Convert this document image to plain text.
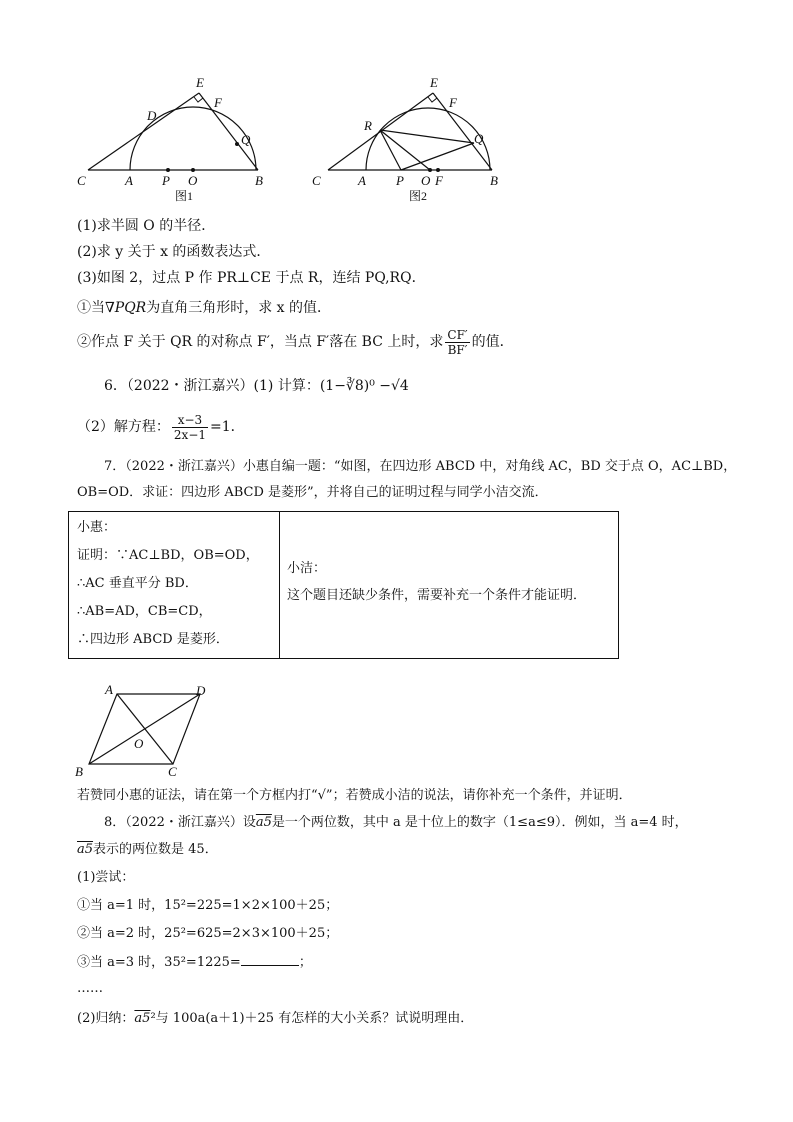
E
D
F
Q
C	A P O	B
图1
E
R
F
Q
C	A P O F	B
图2
(1)求半圆 O 的半径．
(2)求 y 关于 x 的函数表达式．
(3)如图 2，过点 P 作 PR⊥CE 于点 R，连结 PQ,RQ．
①当∇PQR为直角三角形时，求 x 的值．
②作点 F 关于 QR 的对称点 F′，当点 F′落在 BC 上时，求 $\frac{CF'}{BF'}$ 的值．
6．（2022・浙江嘉兴）(1) 计算：(1−∛8)⁰ −√4
（2）解方程： $\frac{x-3}{2x-1} =1$．
7．（2022・浙江嘉兴）小惠自编一题：“如图，在四边形 ABCD 中，对角线 AC，BD 交于点 O，AC⊥BD，
OB=OD．求证：四边形 ABCD 是菱形”，并将自己的证明过程与同学小洁交流．
小惠：
证明：∵AC⊥BD，OB=OD，
∴AC 垂直平分 BD．
∴AB=AD，CB=CD，
∴四边形 ABCD 是菱形．
小洁：
这个题目还缺少条件，需要补充一个条件才能证明．
A	D
O
B	C
若赞同小惠的证法，请在第一个方框内打“√”；若赞成小洁的说法，请你补充一个条件，并证明．
8．（2022・浙江嘉兴）设a5是一个两位数，其中 a 是十位上的数字（1≤a≤9）．例如，当 a=4 时，
a5表示的两位数是 45．
(1)尝试：
①当 a=1 时，15²=225=1×2×100＋25；
②当 a=2 时，25²=625=2×3×100＋25；
③当 a=3 时，35²=1225=	；
……
(2)归纳：a5²与 100a(a＋1)＋25 有怎样的大小关系？试说明理由．
